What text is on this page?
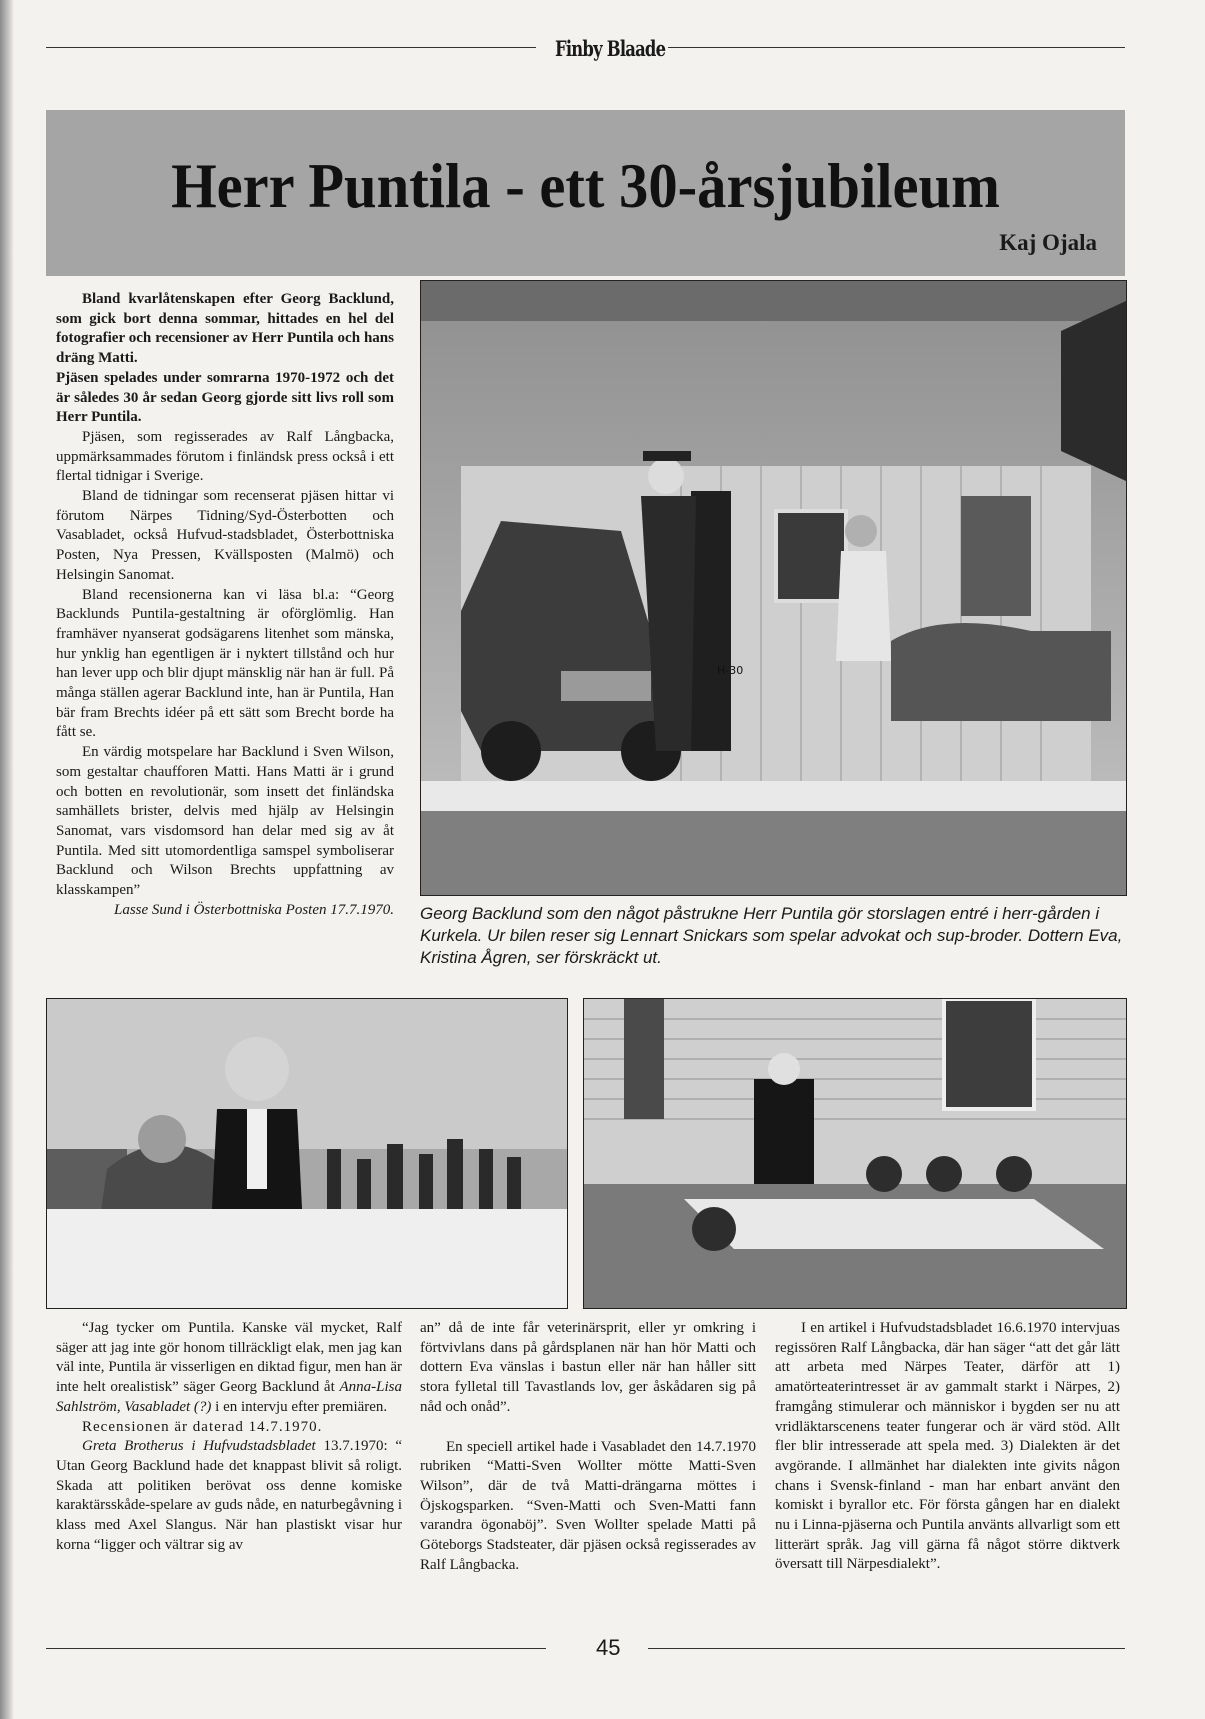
Finby Blaade
Herr Puntila - ett 30-årsjubileum
Kaj Ojala

Bland kvarlåtenskapen efter Georg Backlund, som gick bort denna sommar, hittades en hel del fotografier och recensioner av Herr Puntila och hans dräng Matti.

Pjäsen spelades under somrarna 1970-1972 och det är således 30 år sedan Georg gjorde sitt livs roll som Herr Puntila.

Pjäsen, som regisserades av Ralf Långbacka, uppmärksammades förutom i finländsk press också i ett flertal tidnigar i Sverige.

Bland de tidningar som recenserat pjäsen hittar vi förutom Närpes Tidning/Syd-Österbotten och Vasabladet, också Hufvud-stadsbladet, Österbottniska Posten, Nya Pressen, Kvällsposten (Malmö) och Helsingin Sanomat.

Bland recensionerna kan vi läsa bl.a: “Georg Backlunds Puntila-gestaltning är oförglömlig. Han framhäver nyanserat godsägarens litenhet som mänska, hur ynklig han egentligen är i nyktert tillstånd och hur han lever upp och blir djupt mänsklig när han är full. På många ställen agerar Backlund inte, han är Puntila, Han bär fram Brechts idéer på ett sätt som Brecht borde ha fått se.

En värdig motspelare har Backlund i Sven Wilson, som gestaltar chaufforen Matti. Hans Matti är i grund och botten en revolutionär, som insett det finländska samhällets brister, delvis med hjälp av Helsingin Sanomat, vars visdomsord han delar med sig av åt Puntila. Med sitt utomordentliga samspel symboliserar Backlund och Wilson Brechts uppfattning av klasskampen”

Lasse Sund i Österbottniska Posten 17.7.1970.

H-30
Georg Backlund som den något påstrukne Herr Puntila gör storslagen entré i herr-gården i Kurkela. Ur bilen reser sig Lennart Snickars som spelar advokat och sup-broder. Dottern Eva, Kristina Ågren, ser förskräckt ut.

“Jag tycker om Puntila. Kanske väl mycket, Ralf säger att jag inte gör honom tillräckligt elak, men jag kan väl inte, Puntila är visserligen en diktad figur, men han är inte helt orealistisk” säger Georg Backlund åt Anna-Lisa Sahlström, Vasabladet (?) i en intervju efter premiären.

Recensionen är daterad 14.7.1970.

Greta Brotherus i Hufvudstadsbladet 13.7.1970: “ Utan Georg Backlund hade det knappast blivit så roligt. Skada att politiken berövat oss denne komiske karaktärsskåde-spelare av guds nåde, en naturbegåvning i klass med Axel Slangus. När han plastiskt visar hur korna “ligger och vältrar sig av

an” då de inte får veterinärsprit, eller yr omkring i förtvivlans dans på gårdsplanen när han hör Matti och dottern Eva vänslas i bastun eller när han håller sitt stora fylletal till Tavastlands lov, ger åskådaren sig på nåd och onåd”.

En speciell artikel hade i Vasabladet den 14.7.1970 rubriken “Matti-Sven Wollter mötte Matti-Sven Wilson”, där de två Matti-drängarna möttes i Öjskogsparken. “Sven-Matti och Sven-Matti fann varandra ögonaböj”. Sven Wollter spelade Matti på Göteborgs Stadsteater, där pjäsen också regisserades av Ralf Långbacka.

I en artikel i Hufvudstadsbladet 16.6.1970 intervjuas regissören Ralf Långbacka, där han säger “att det går lätt att arbeta med Närpes Teater, därför att 1) amatörteaterintresset är av gammalt starkt i Närpes, 2) framgång stimulerar och människor i bygden ser nu att vridläktarscenens teater fungerar och är värd stöd. Allt fler blir intresserade att spela med. 3) Dialekten är det avgörande. I allmänhet har dialekten inte givits någon chans i Svensk-finland - man har enbart använt den komiskt i byrallor etc. För första gången har en dialekt nu i Linna-pjäserna och Puntila använts allvarligt som ett litterärt språk. Jag vill gärna få något större diktverk översatt till Närpesdialekt”.

45
